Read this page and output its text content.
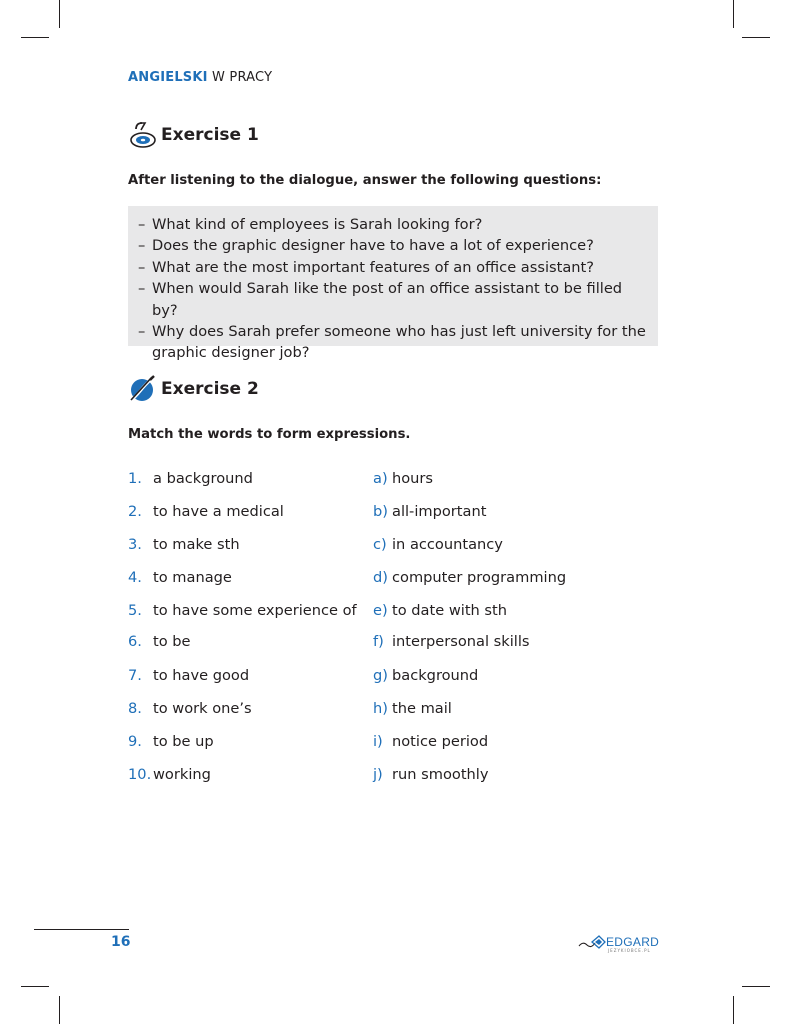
ANGIELSKI W PRACY
Exercise 1
After listening to the dialogue, answer the following questions:
– What kind of employees is Sarah looking for?
– Does the graphic designer have to have a lot of experience?
– What are the most important features of an office assistant?
– When would Sarah like the post of an office assistant to be filled by?
– Why does Sarah prefer someone who has just left university for the graphic designer job?
Exercise 2
Match the words to form expressions.
1. a background
2. to have a medical
3. to make sth
4. to manage
5. to have some experience of
6. to be
7. to have good
8. to work one’s
9. to be up
10. working
a) hours
b) all-important
c) in accountancy
d) computer programming
e) to date with sth
f) interpersonal skills
g) background
h) the mail
i) notice period
j) run smoothly
16	EDGARD
JEZYKIOBCE.PL
